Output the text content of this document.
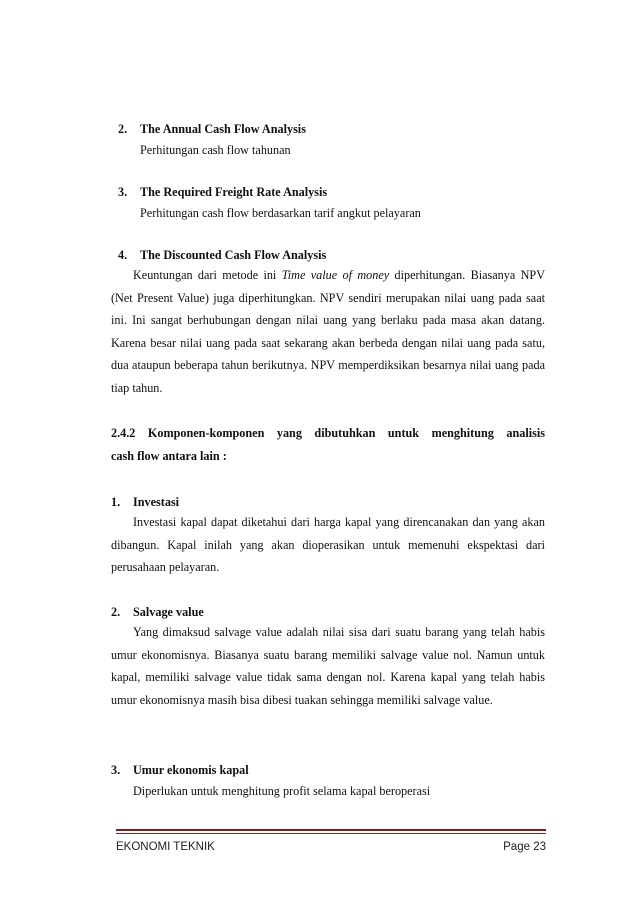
2. The Annual Cash Flow Analysis
Perhitungan cash flow tahunan
3. The Required Freight Rate Analysis
Perhitungan cash flow berdasarkan tarif angkut pelayaran
4. The Discounted Cash Flow Analysis
Keuntungan dari metode ini Time value of money diperhitungan. Biasanya NPV (Net Present Value) juga diperhitungkan. NPV sendiri merupakan nilai uang pada saat ini. Ini sangat berhubungan dengan nilai uang yang berlaku pada masa akan datang. Karena besar nilai uang pada saat sekarang akan berbeda dengan nilai uang pada satu, dua ataupun beberapa tahun berikutnya. NPV memperdiksikan besarnya nilai uang pada tiap tahun.
2.4.2 Komponen-komponen yang dibutuhkan untuk menghitung analisis
cash flow antara lain :
1. Investasi
Investasi kapal dapat diketahui dari harga kapal yang direncanakan dan yang akan dibangun. Kapal inilah yang akan dioperasikan untuk memenuhi ekspektasi dari perusahaan pelayaran.
2. Salvage value
Yang dimaksud salvage value adalah nilai sisa dari suatu barang yang telah habis umur ekonomisnya. Biasanya suatu barang memiliki salvage value nol. Namun untuk kapal, memiliki salvage value tidak sama dengan nol. Karena kapal yang telah habis umur ekonomisnya masih bisa dibesi tuakan sehingga memiliki salvage value.
3. Umur ekonomis kapal
Diperlukan untuk menghitung profit selama kapal beroperasi
EKONOMI TEKNIK	Page 23
